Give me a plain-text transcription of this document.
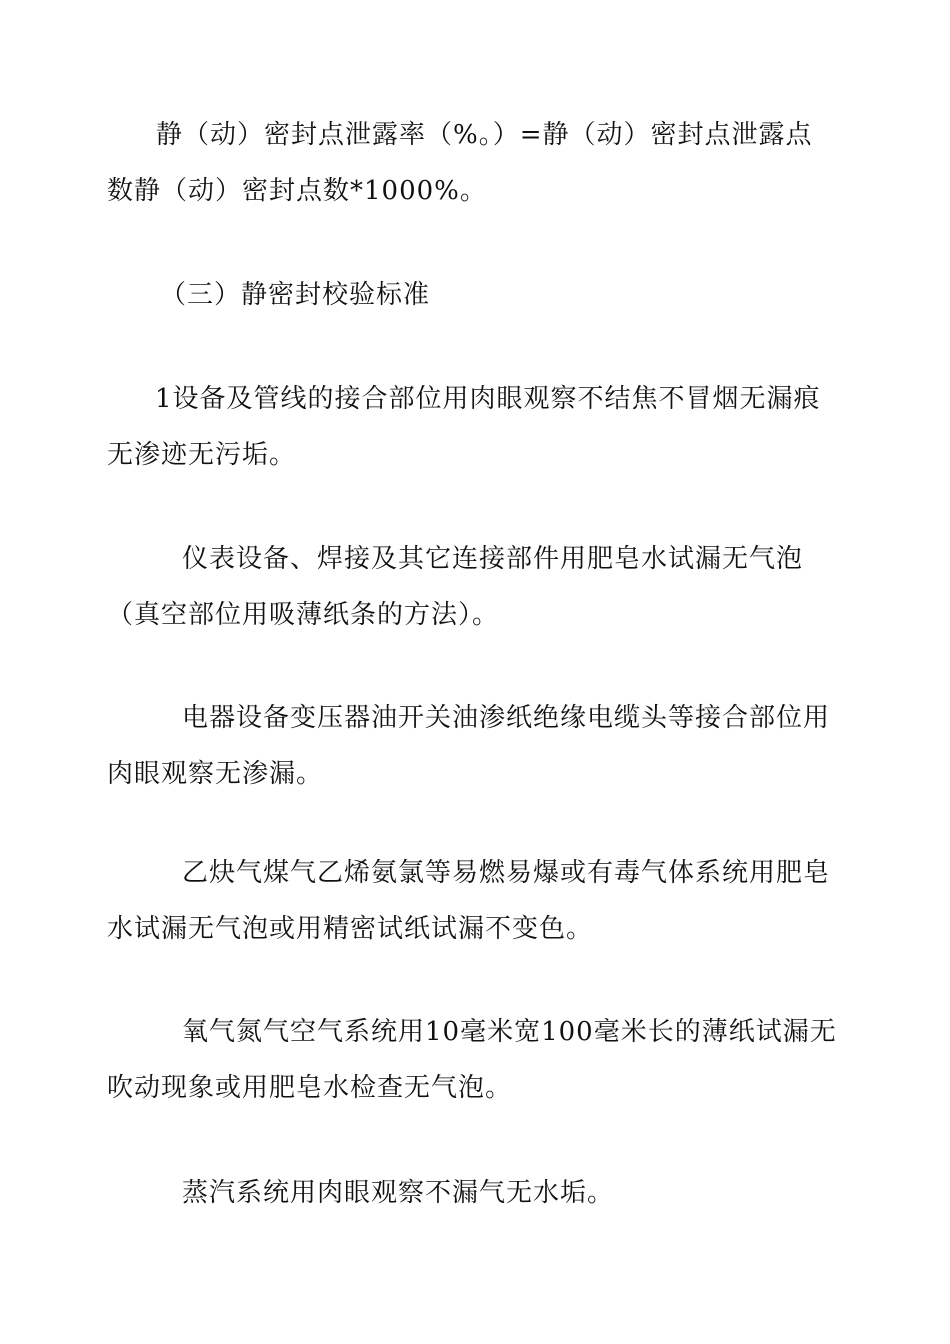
静（动）密封点泄露率（%。）=静（动）密封点泄露点
数静（动）密封点数*1000%。
（三）静密封校验标准
1设备及管线的接合部位用肉眼观察不结焦不冒烟无漏痕
无渗迹无污垢。
仪表设备、焊接及其它连接部件用肥皂水试漏无气泡
（真空部位用吸薄纸条的方法）。
电器设备变压器油开关油渗纸绝缘电缆头等接合部位用
肉眼观察无渗漏。
乙炔气煤气乙烯氨氯等易燃易爆或有毒气体系统用肥皂
水试漏无气泡或用精密试纸试漏不变色。
氧气氮气空气系统用10毫米宽100毫米长的薄纸试漏无
吹动现象或用肥皂水检查无气泡。
蒸汽系统用肉眼观察不漏气无水垢。
